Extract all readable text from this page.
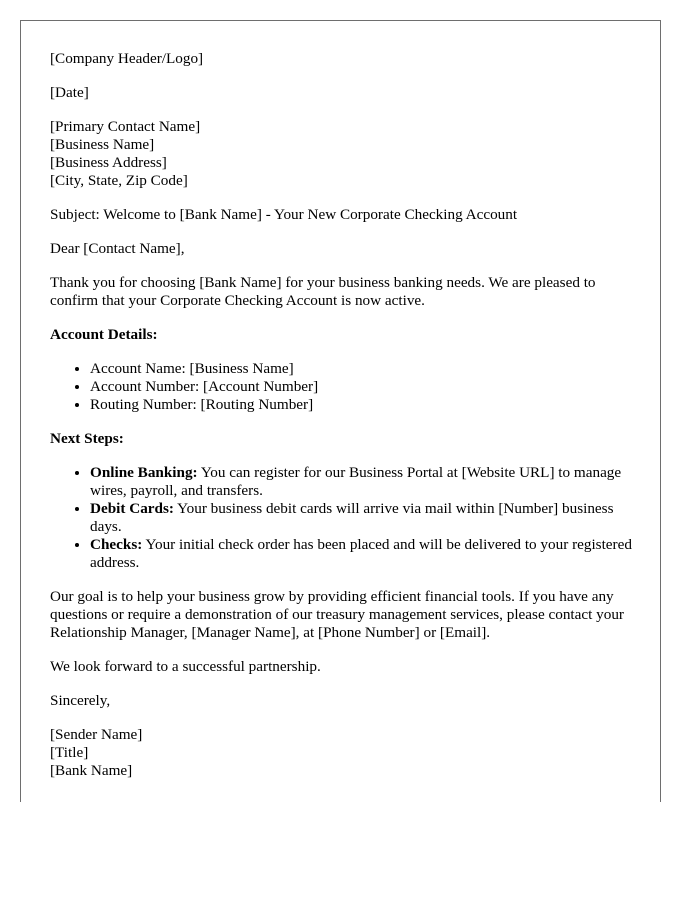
[Company Header/Logo]

[Date]

[Primary Contact Name]
[Business Name]
[Business Address]
[City, State, Zip Code]

Subject: Welcome to [Bank Name] - Your New Corporate Checking Account

Dear [Contact Name],

Thank you for choosing [Bank Name] for your business banking needs. We are pleased to confirm that your Corporate Checking Account is now active.

Account Details:

• Account Name: [Business Name]
• Account Number: [Account Number]
• Routing Number: [Routing Number]

Next Steps:

• Online Banking: You can register for our Business Portal at [Website URL] to manage wires, payroll, and transfers.
• Debit Cards: Your business debit cards will arrive via mail within [Number] business days.
• Checks: Your initial check order has been placed and will be delivered to your registered address.

Our goal is to help your business grow by providing efficient financial tools. If you have any questions or require a demonstration of our treasury management services, please contact your Relationship Manager, [Manager Name], at [Phone Number] or [Email].

We look forward to a successful partnership.

Sincerely,

[Sender Name]
[Title]
[Bank Name]
